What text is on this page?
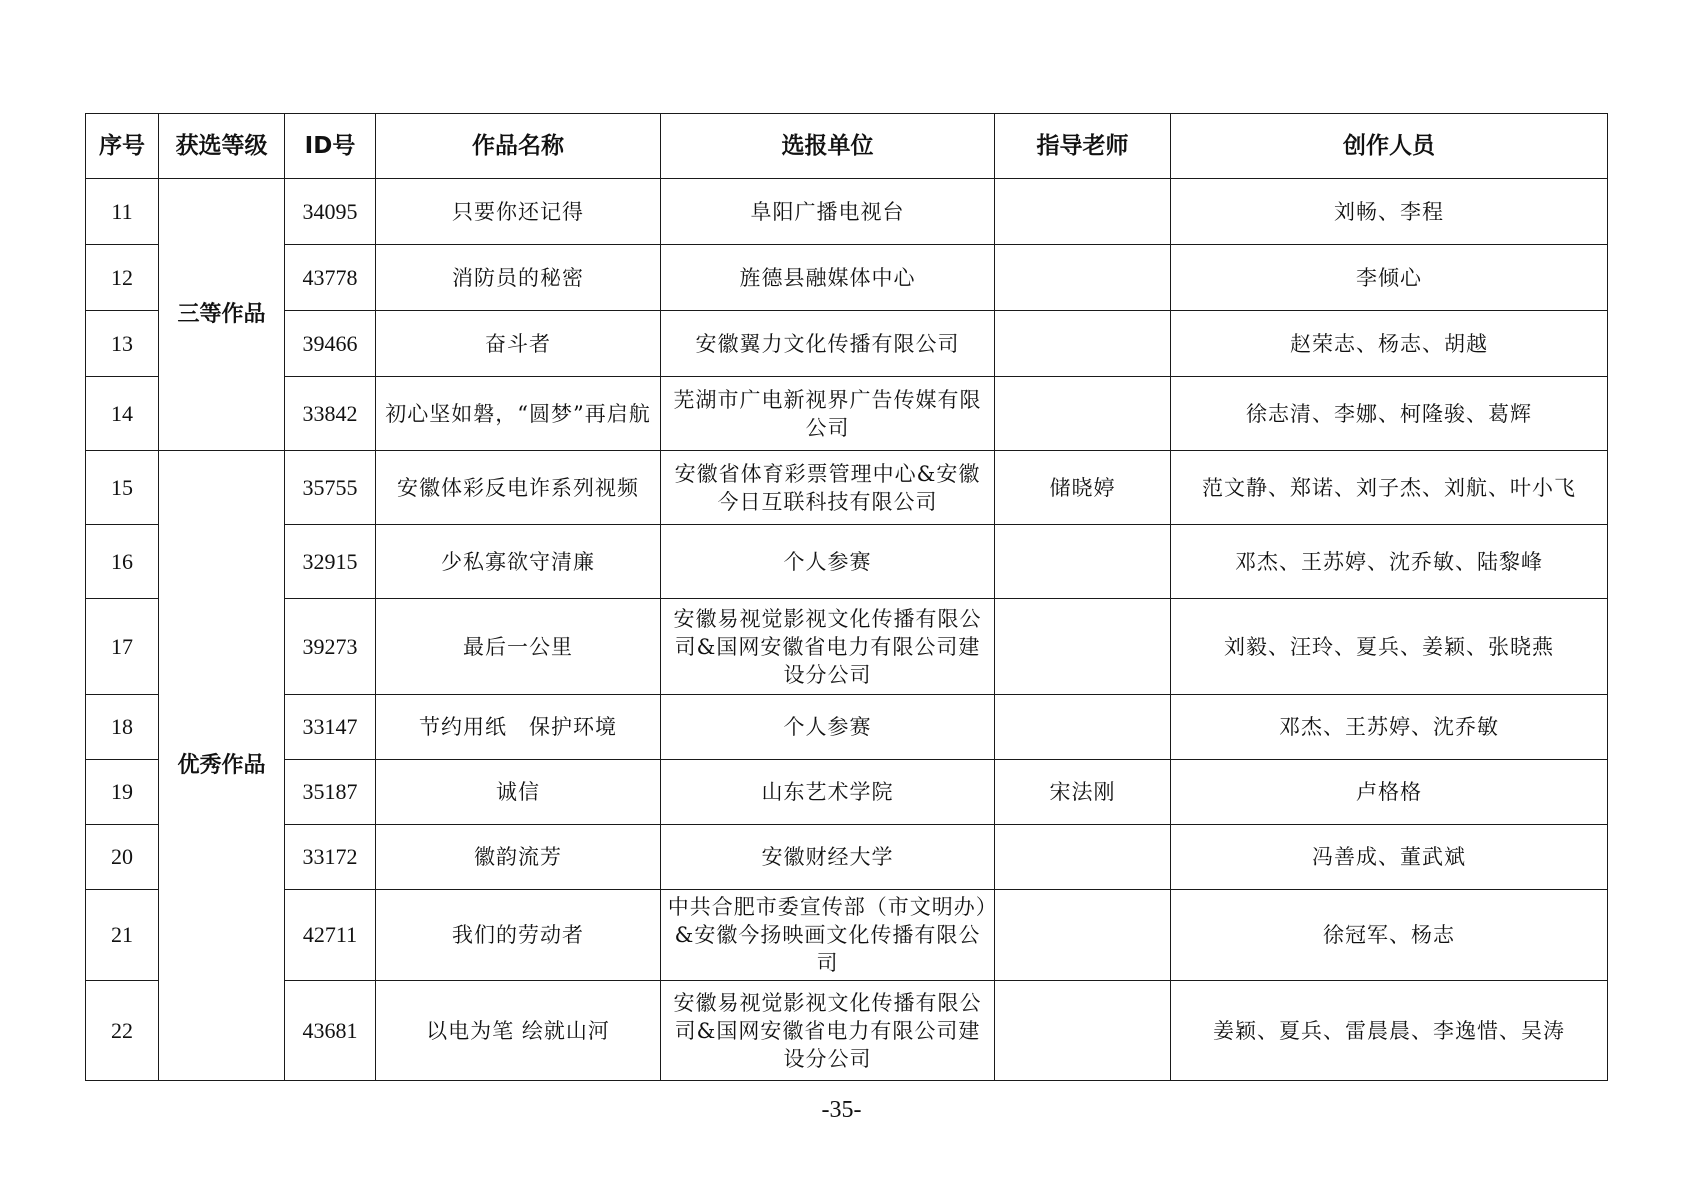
序号	获选等级	ID号	作品名称	选报单位	指导老师	创作人员
11	三等作品	34095	只要你还记得	阜阳广播电视台		刘畅、李程
12		43778	消防员的秘密	旌德县融媒体中心		李倾心
13		39466	奋斗者	安徽翼力文化传播有限公司		赵荣志、杨志、胡越
14		33842	初心坚如磐，“圆梦”再启航	芜湖市广电新视界广告传媒有限公司		徐志清、李娜、柯隆骏、葛辉
15	优秀作品	35755	安徽体彩反电诈系列视频	安徽省体育彩票管理中心&安徽今日互联科技有限公司	储晓婷	范文静、郑诺、刘子杰、刘航、叶小飞
16		32915	少私寡欲守清廉	个人参赛		邓杰、王苏婷、沈乔敏、陆黎峰
17		39273	最后一公里	安徽易视觉影视文化传播有限公司&国网安徽省电力有限公司建设分公司		刘毅、汪玲、夏兵、姜颖、张晓燕
18		33147	节约用纸　保护环境	个人参赛		邓杰、王苏婷、沈乔敏
19		35187	诚信	山东艺术学院	宋法刚	卢格格
20		33172	徽韵流芳	安徽财经大学		冯善成、董武斌
21		42711	我们的劳动者	中共合肥市委宣传部（市文明办）&安徽今扬映画文化传播有限公司		徐冠军、杨志
22		43681	以电为笔 绘就山河	安徽易视觉影视文化传播有限公司&国网安徽省电力有限公司建设分公司		姜颖、夏兵、雷晨晨、李逸惜、吴涛
-35-
